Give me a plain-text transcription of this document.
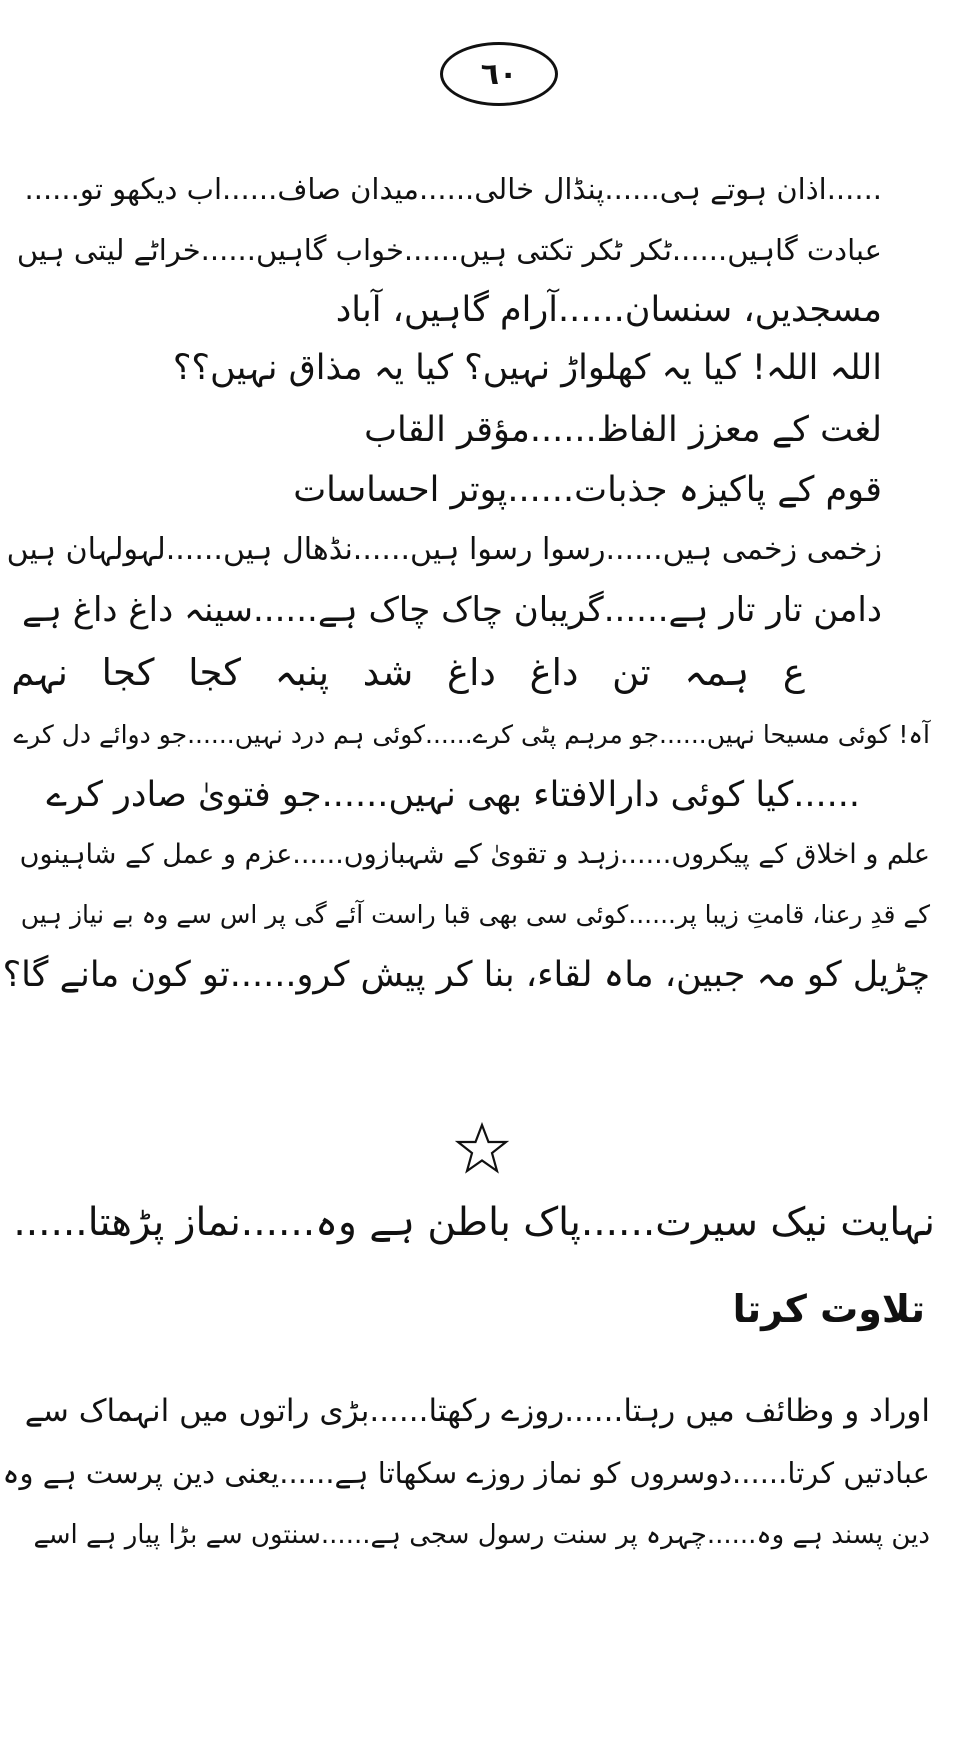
٦٠
......اذان ہوتے ہی......پنڈال خالی......میدان صاف......اب دیکھو تو......
عبادت گاہیں......ٹکر ٹکر تکتی ہیں......خواب گاہیں......خراٹے لیتی ہیں
مسجدیں، سنسان......آرام گاہیں، آباد
اللہ اللہ! کیا یہ کھلواڑ نہیں؟ کیا یہ مذاق نہیں؟؟
لغت کے معزز الفاظ......مؤقر القاب
قوم کے پاکیزہ جذبات......پوتر احساسات
زخمی زخمی ہیں......رسوا رسوا ہیں......نڈھال ہیں......لہولہان ہیں
دامن تار تار ہے......گریبان چاک چاک ہے......سینہ داغ داغ ہے
ع ہمہ تن داغ داغ شد پنبہ کجا کجا نہم
آہ! کوئی مسیحا نہیں......جو مرہم پٹی کرے......کوئی ہم درد نہیں......جو دوائے دل کرے
......کیا کوئی دارالافتاء بھی نہیں......جو فتویٰ صادر کرے
علم و اخلاق کے پیکروں......زہد و تقویٰ کے شہبازوں......عزم و عمل کے شاہینوں
کے قدِ رعنا، قامتِ زیبا پر......کوئی سی بھی قبا راست آئے گی پر اس سے وہ بے نیاز ہیں
چڑیل کو مہ جبین، ماہ لقاء، بنا کر پیش کرو......تو کون مانے گا؟
نہایت نیک سیرت......پاک باطن ہے وہ......نماز پڑھتا......
تلاوت کرتا
اوراد و وظائف میں رہتا......روزے رکھتا......بڑی راتوں میں انہماک سے
عبادتیں کرتا......دوسروں کو نماز روزے سکھاتا ہے......یعنی دین پرست ہے وہ
دین پسند ہے وہ......چہرہ پر سنت رسول سجی ہے......سنتوں سے بڑا پیار ہے اسے
